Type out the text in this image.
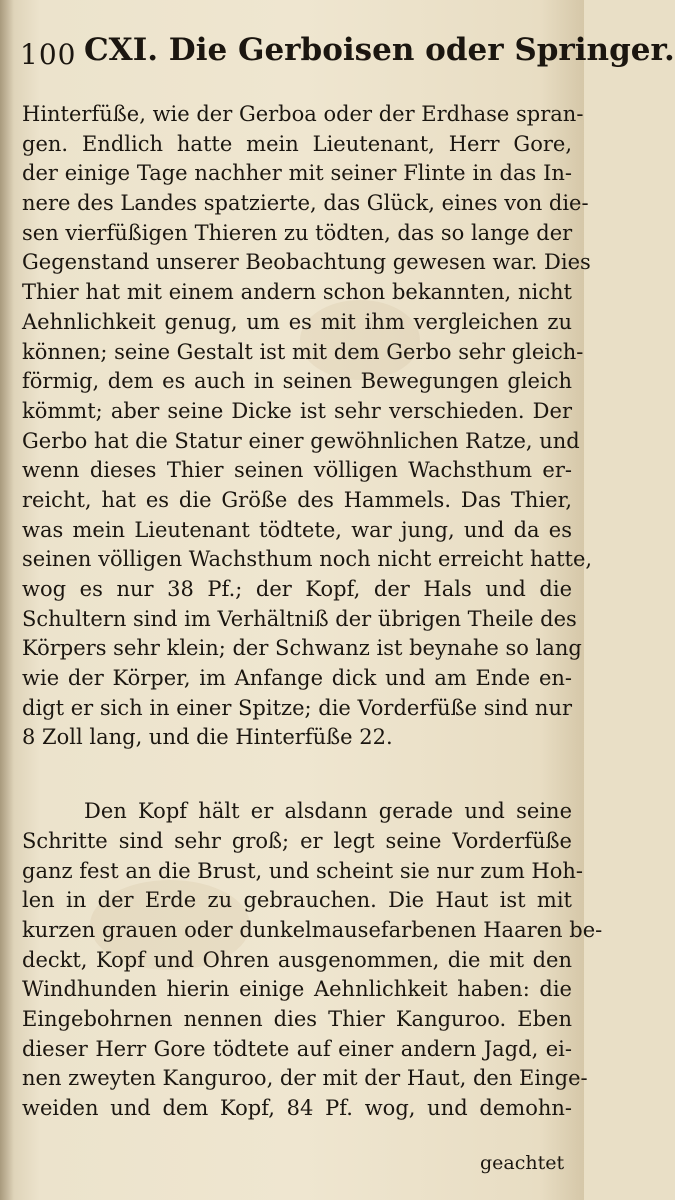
100 CXI. Die Gerboisen oder Springer.
Hinterfüße, wie der Gerboa oder der Erdhase spran-
gen. Endlich hatte mein Lieutenant, Herr Gore,
der einige Tage nachher mit seiner Flinte in das In-
nere des Landes spatzierte, das Glück, eines von die-
sen vierfüßigen Thieren zu tödten, das so lange der
Gegenstand unserer Beobachtung gewesen war. Dies
Thier hat mit einem andern schon bekannten, nicht
Aehnlichkeit genug, um es mit ihm vergleichen zu
können; seine Gestalt ist mit dem Gerbo sehr gleich-
förmig, dem es auch in seinen Bewegungen gleich
kömmt; aber seine Dicke ist sehr verschieden. Der
Gerbo hat die Statur einer gewöhnlichen Ratze, und
wenn dieses Thier seinen völligen Wachsthum er-
reicht, hat es die Größe des Hammels. Das Thier,
was mein Lieutenant tödtete, war jung, und da es
seinen völligen Wachsthum noch nicht erreicht hatte,
wog es nur 38 Pf.; der Kopf, der Hals und die
Schultern sind im Verhältniß der übrigen Theile des
Körpers sehr klein; der Schwanz ist beynahe so lang
wie der Körper, im Anfange dick und am Ende en-
digt er sich in einer Spitze; die Vorderfüße sind nur
8 Zoll lang, und die Hinterfüße 22.
Den Kopf hält er alsdann gerade und seine
Schritte sind sehr groß; er legt seine Vorderfüße
ganz fest an die Brust, und scheint sie nur zum Hoh-
len in der Erde zu gebrauchen. Die Haut ist mit
kurzen grauen oder dunkelmausefarbenen Haaren be-
deckt, Kopf und Ohren ausgenommen, die mit den
Windhunden hierin einige Aehnlichkeit haben: die
Eingebohrnen nennen dies Thier Kanguroo. Eben
dieser Herr Gore tödtete auf einer andern Jagd, ei-
nen zweyten Kanguroo, der mit der Haut, den Einge-
weiden und dem Kopf, 84 Pf. wog, und demohn-
geachtet
